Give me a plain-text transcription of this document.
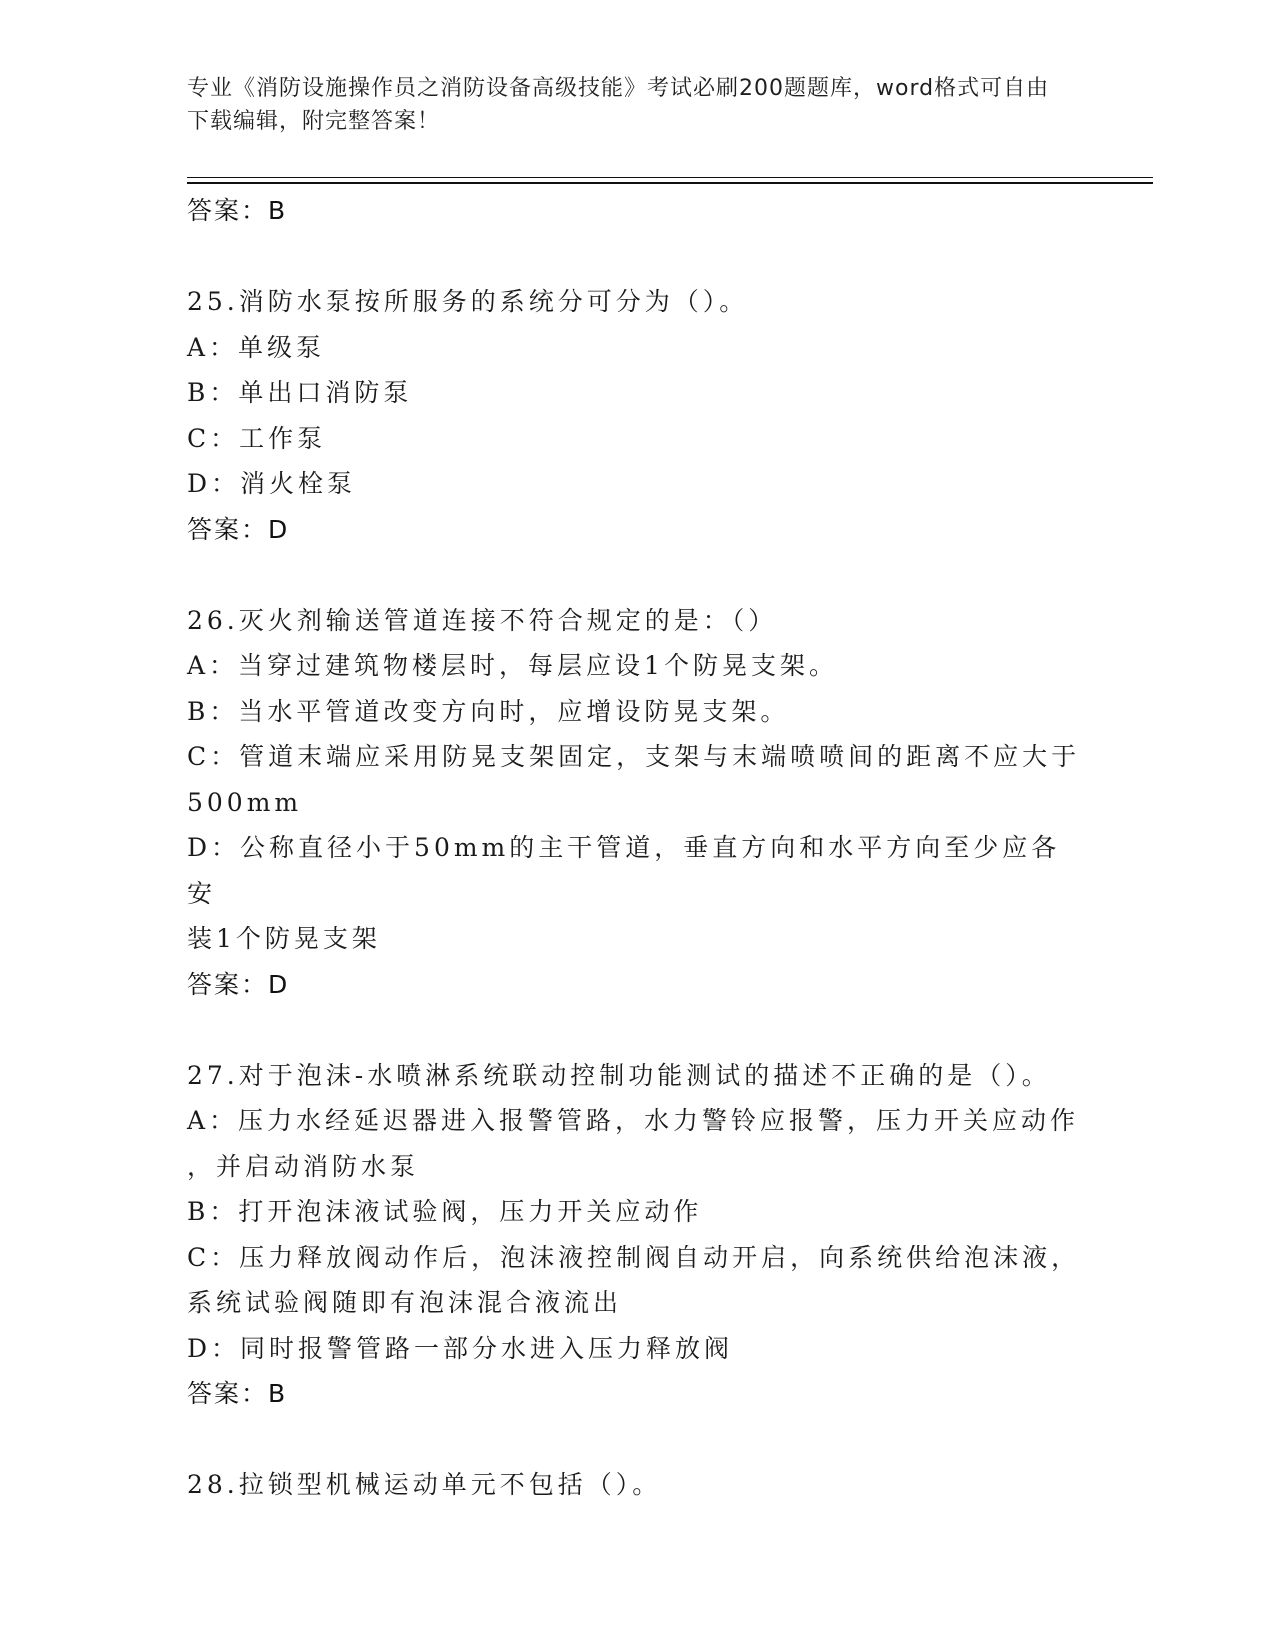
专业《消防设施操作员之消防设备高级技能》考试必刷200题题库，word格式可自由下载编辑，附完整答案！
答案：B
25.消防水泵按所服务的系统分可分为（）。
A：单级泵
B：单出口消防泵
C：工作泵
D：消火栓泵
答案：D
26.灭火剂输送管道连接不符合规定的是：（）
A：当穿过建筑物楼层时，每层应设1个防晃支架。
B：当水平管道改变方向时，应增设防晃支架。
C：管道末端应采用防晃支架固定，支架与末端喷喷间的距离不应大于
500mm
D：公称直径小于50mm的主干管道，垂直方向和水平方向至少应各安
装1个防晃支架
答案：D
27.对于泡沫-水喷淋系统联动控制功能测试的描述不正确的是（）。
A：压力水经延迟器进入报警管路，水力警铃应报警，压力开关应动作
，并启动消防水泵
B：打开泡沫液试验阀，压力开关应动作
C：压力释放阀动作后，泡沫液控制阀自动开启，向系统供给泡沫液，
系统试验阀随即有泡沫混合液流出
D：同时报警管路一部分水进入压力释放阀
答案：B
28.拉锁型机械运动单元不包括（）。
